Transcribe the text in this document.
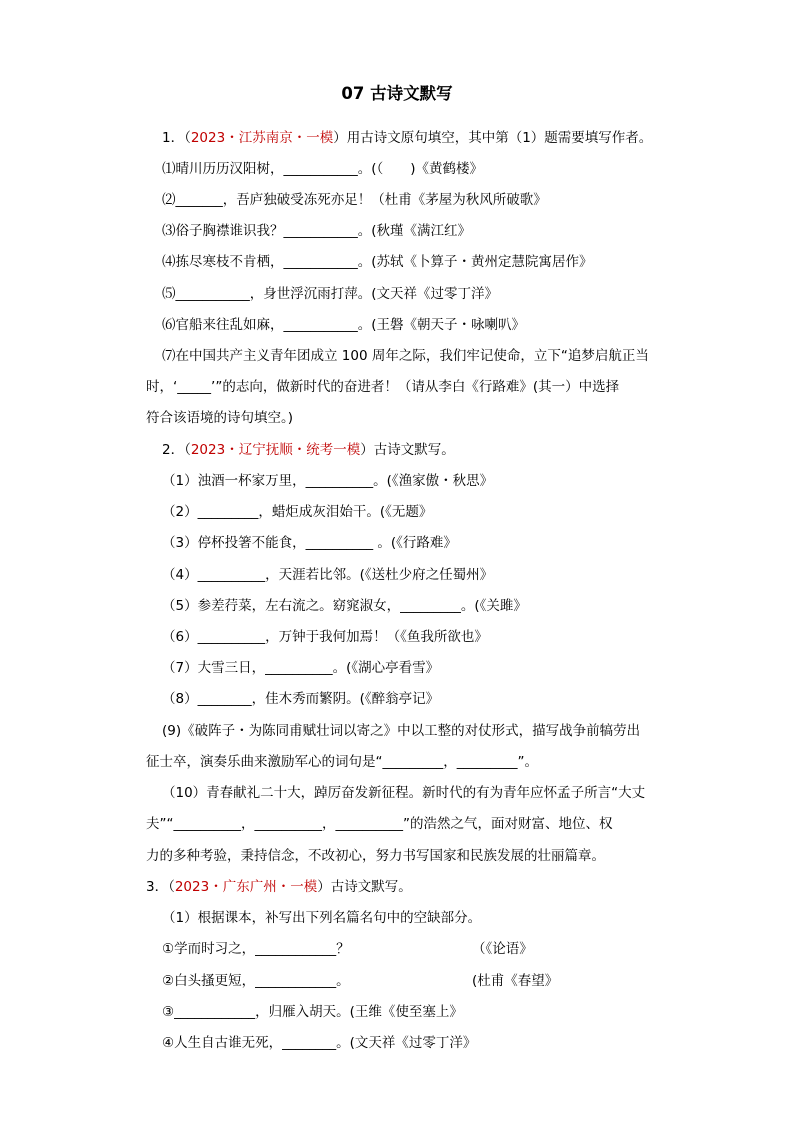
07 古诗文默写
1．（2023・江苏南京・一模）用古诗文原句填空，其中第（1）题需要填写作者。
⑴晴川历历汉阳树，___________。(（　　)《黄鹤楼》
⑵_______，吾庐独破受冻死亦足！（杜甫《茅屋为秋风所破歌》
⑶俗子胸襟谁识我？___________。(秋瑾《满江红》
⑷拣尽寒枝不肯栖，___________。(苏轼《卜算子・黄州定慧院寓居作》
⑸___________，身世浮沉雨打萍。(文天祥《过零丁洋》
⑹官船来往乱如麻，___________。(王磐《朝天子・咏喇叭》
⑺在中国共产主义青年团成立 100 周年之际，我们牢记使命，立下“追梦启航正当
时，‘_____’”的志向，做新时代的奋进者！（请从李白《行路难》(其一）中选择
符合该语境的诗句填空。)
2．（2023・辽宁抚顺・统考一模）古诗文默写。
（1）浊酒一杯家万里，__________。(《渔家傲・秋思》
（2）_________，蜡炬成灰泪始干。(《无题》
（3）停杯投箸不能食，__________ 。(《行路难》
（4）__________，天涯若比邻。(《送杜少府之任蜀州》
（5）参差荇菜，左右流之。窈窕淑女，_________。(《关雎》
（6）__________，万钟于我何加焉！（《鱼我所欲也》
（7）大雪三日，__________。(《湖心亭看雪》
（8）________，佳木秀而繁阴。(《醉翁亭记》
(9)《破阵子・为陈同甫赋壮词以寄之》中以工整的对仗形式，描写战争前犒劳出
征士卒，演奏乐曲来激励军心的词句是“_________，_________”。
（10）青春献礼二十大，踔厉奋发新征程。新时代的有为青年应怀孟子所言“大丈
夫”“__________，__________，__________”的浩然之气，面对财富、地位、权
力的多种考验，秉持信念，不改初心，努力书写国家和民族发展的壮丽篇章。
3．（2023・广东广州・一模）古诗文默写。
（1）根据课本，补写出下列名篇名句中的空缺部分。
①学而时习之，____________？	（《论语》
②白头搔更短，____________。	(杜甫《春望》
③____________，归雁入胡天。(王维《使至塞上》
④人生自古谁无死，________。(文天祥《过零丁洋》
